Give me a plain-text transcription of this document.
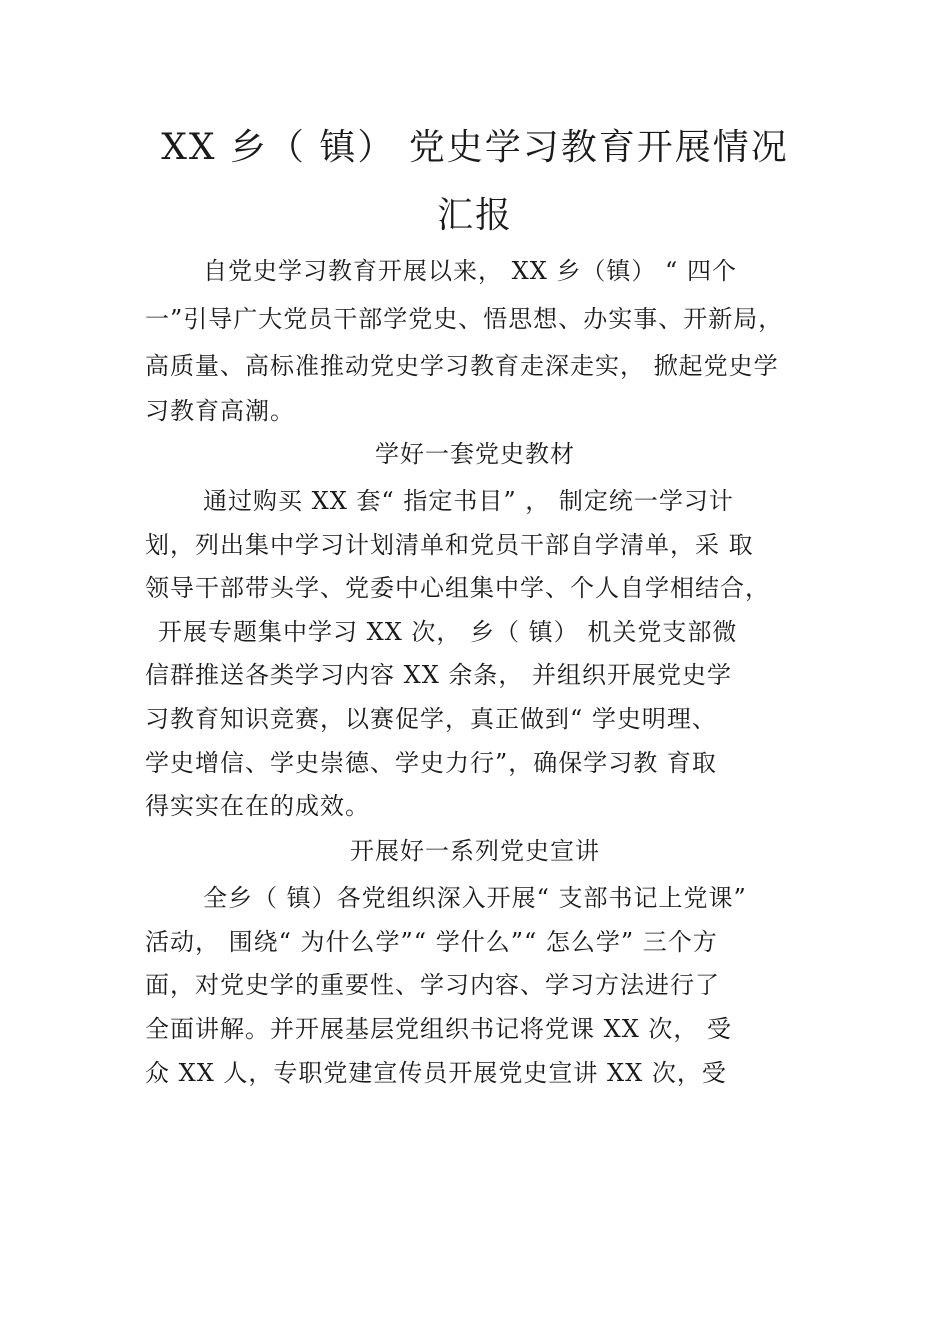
XX 乡（ 镇） 党史学习教育开展情况
汇报
自党史学习教育开展以来， XX 乡（镇） “ 四个
一”引导广大党员干部学党史、悟思想、办实事、开新局，
高质量、高标准推动党史学习教育走深走实， 掀起党史学
习教育高潮。
学好一套党史教材
通过购买 XX 套“ 指定书目” ， 制定统一学习计
划，列出集中学习计划清单和党员干部自学清单，采 取
领导干部带头学、党委中心组集中学、个人自学相结合，
开展专题集中学习 XX 次， 乡（ 镇） 机关党支部微
信群推送各类学习内容 XX 余条， 并组织开展党史学
习教育知识竞赛，以赛促学，真正做到“ 学史明理、
学史增信、学史崇德、学史力行”，确保学习教 育取
得实实在在的成效。
开展好一系列党史宣讲
全乡（ 镇）各党组织深入开展“ 支部书记上党课”
活动， 围绕“ 为什么学”“ 学什么”“ 怎么学” 三个方
面，对党史学的重要性、学习内容、学习方法进行了
全面讲解。并开展基层党组织书记将党课 XX 次， 受
众 XX 人，专职党建宣传员开展党史宣讲 XX 次，受
